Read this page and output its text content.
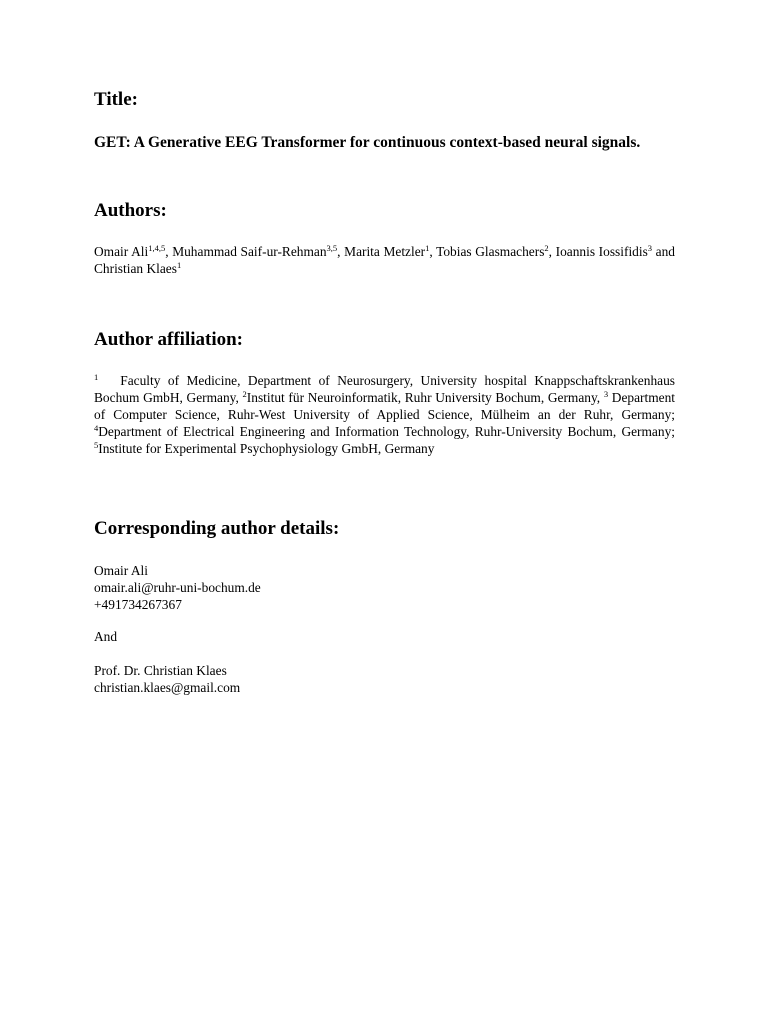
Title:
GET: A Generative EEG Transformer for continuous context-based neural signals.
Authors:
Omair Ali$^{1,4,5}$, Muhammad Saif-ur-Rehman$^{3,5}$, Marita Metzler$^1$, Tobias Glasmachers$^2$, Ioannis Iossifidis$^3$ and Christian Klaes$^1$
Author affiliation:
$^1$ Faculty of Medicine, Department of Neurosurgery, University hospital Knappschaftskrankenhaus Bochum GmbH, Germany, $^2$Institut für Neuroinformatik, Ruhr University Bochum, Germany, $^3$ Department of Computer Science, Ruhr-West University of Applied Science, Mülheim an der Ruhr, Germany; $^4$Department of Electrical Engineering and Information Technology, Ruhr-University Bochum, Germany; $^5$Institute for Experimental Psychophysiology GmbH, Germany
Corresponding author details:
Omair Ali
omair.ali@ruhr-uni-bochum.de
+491734267367
And
Prof. Dr. Christian Klaes
christian.klaes@gmail.com
